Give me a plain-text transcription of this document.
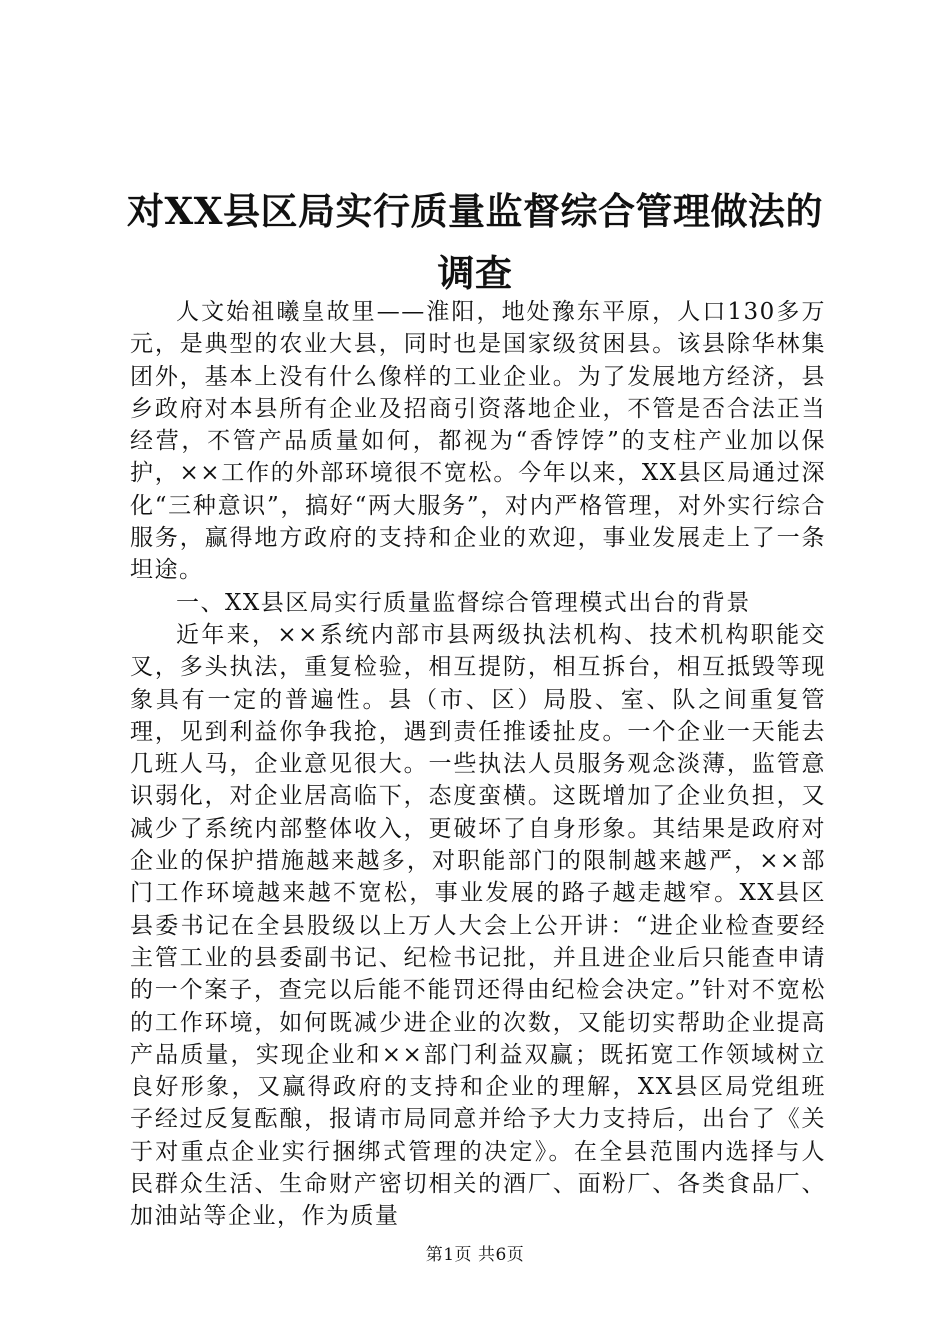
对XX县区局实行质量监督综合管理做法的调查

人文始祖曦皇故里——淮阳，地处豫东平原，人口130多万元，是典型的农业大县，同时也是国家级贫困县。该县除华林集团外，基本上没有什么像样的工业企业。为了发展地方经济，县乡政府对本县所有企业及招商引资落地企业，不管是否合法正当经营，不管产品质量如何，都视为“香饽饽”的支柱产业加以保护，××工作的外部环境很不宽松。今年以来，XX县区局通过深化“三种意识”，搞好“两大服务”，对内严格管理，对外实行综合服务，赢得地方政府的支持和企业的欢迎，事业发展走上了一条坦途。

一、XX县区局实行质量监督综合管理模式出台的背景

近年来，××系统内部市县两级执法机构、技术机构职能交叉，多头执法，重复检验，相互提防，相互拆台，相互抵毁等现象具有一定的普遍性。县（市、区）局股、室、队之间重复管理，见到利益你争我抢，遇到责任推诿扯皮。一个企业一天能去几班人马，企业意见很大。一些执法人员服务观念淡薄，监管意识弱化，对企业居高临下，态度蛮横。这既增加了企业负担，又减少了系统内部整体收入，更破坏了自身形象。其结果是政府对企业的保护措施越来越多，对职能部门的限制越来越严，××部门工作环境越来越不宽松，事业发展的路子越走越窄。XX县区县委书记在全县股级以上万人大会上公开讲：“进企业检查要经主管工业的县委副书记、纪检书记批，并且进企业后只能查申请的一个案子，查完以后能不能罚还得由纪检会决定。”针对不宽松的工作环境，如何既减少进企业的次数，又能切实帮助企业提高产品质量，实现企业和××部门利益双赢；既拓宽工作领域树立良好形象，又赢得政府的支持和企业的理解，XX县区局党组班子经过反复酝酿，报请市局同意并给予大力支持后，出台了《关于对重点企业实行捆绑式管理的决定》。在全县范围内选择与人民群众生活、生命财产密切相关的酒厂、面粉厂、各类食品厂、加油站等企业，作为质量

第1页 共6页
